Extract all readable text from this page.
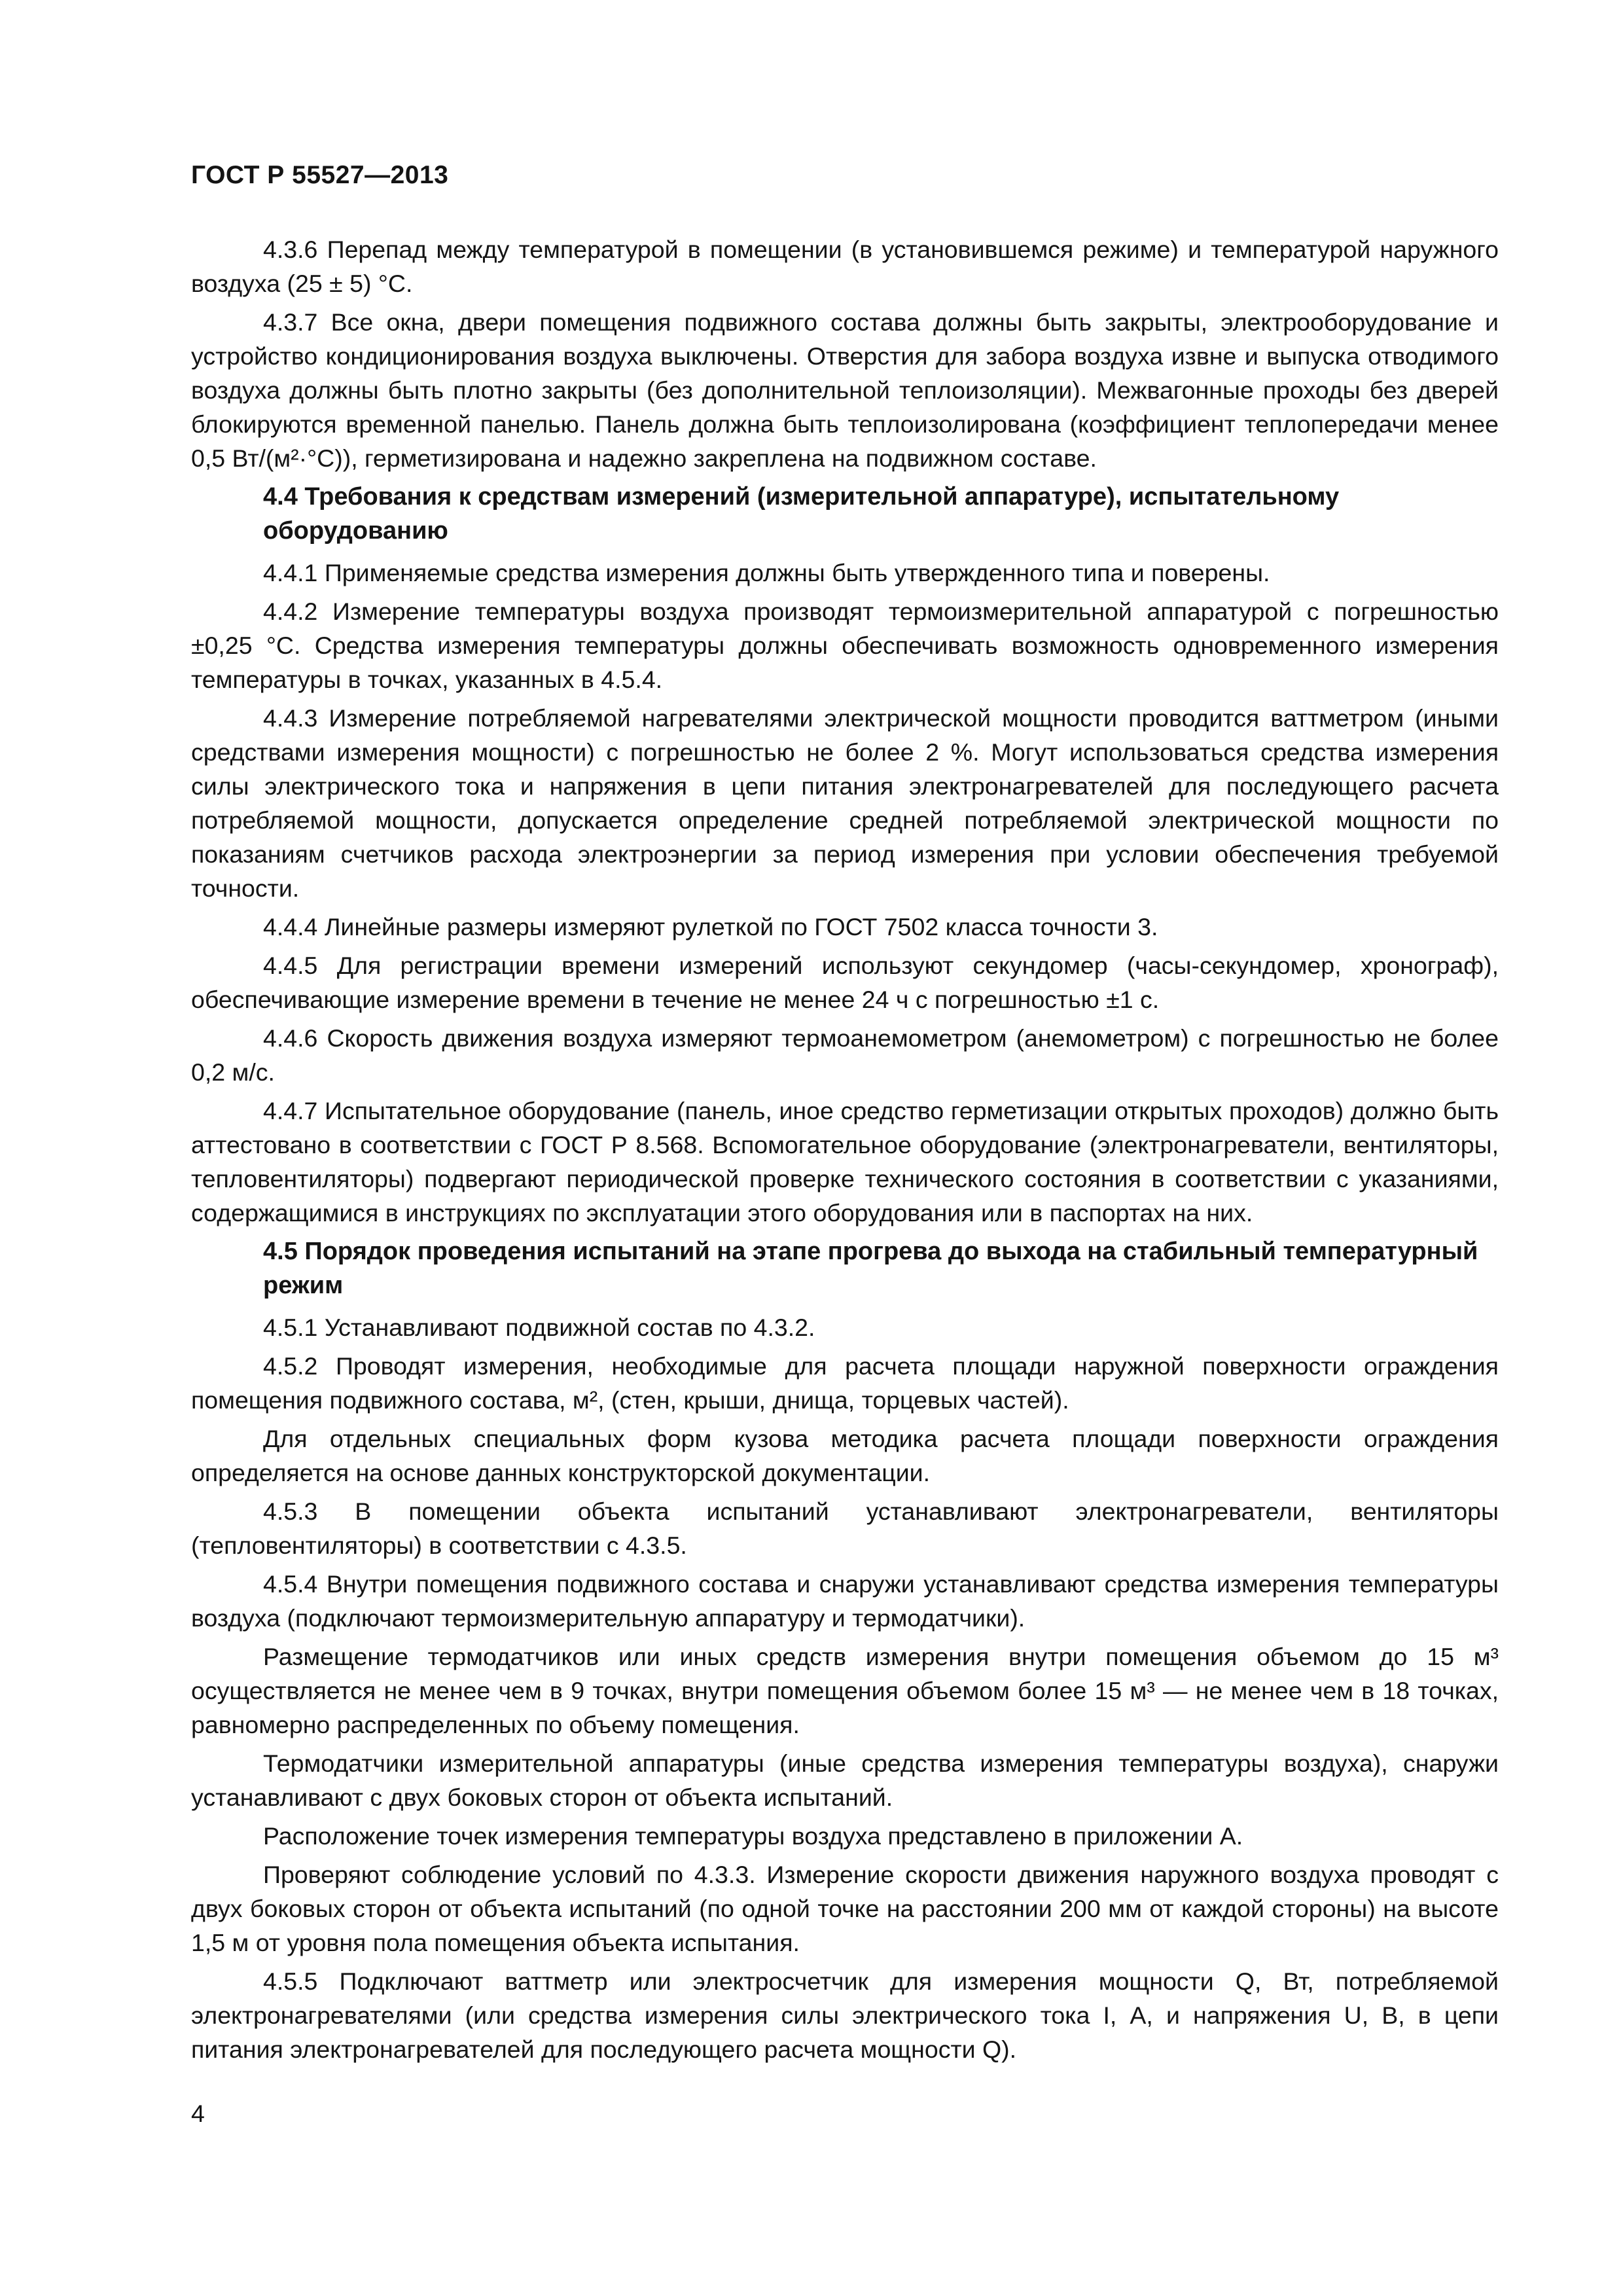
ГОСТ Р 55527—2013

4.3.6 Перепад между температурой в помещении (в установившемся режиме) и температурой наружного воздуха (25 ± 5) °С.

4.3.7 Все окна, двери помещения подвижного состава должны быть закрыты, электрооборудование и устройство кондиционирования воздуха выключены. Отверстия для забора воздуха извне и выпуска отводимого воздуха должны быть плотно закрыты (без дополнительной теплоизоляции). Межвагонные проходы без дверей блокируются временной панелью. Панель должна быть теплоизолирована (коэффициент теплопередачи менее 0,5 Вт/(м²·°С)), герметизирована и надежно закреплена на подвижном составе.

4.4 Требования к средствам измерений (измерительной аппаратуре), испытательному оборудованию

4.4.1 Применяемые средства измерения должны быть утвержденного типа и поверены.

4.4.2 Измерение температуры воздуха производят термоизмерительной аппаратурой с погрешностью ±0,25 °С. Средства измерения температуры должны обеспечивать возможность одновременного измерения температуры в точках, указанных в 4.5.4.

4.4.3 Измерение потребляемой нагревателями электрической мощности проводится ваттметром (иными средствами измерения мощности) с погрешностью не более 2 %. Могут использоваться средства измерения силы электрического тока и напряжения в цепи питания электронагревателей для последующего расчета потребляемой мощности, допускается определение средней потребляемой электрической мощности по показаниям счетчиков расхода электроэнергии за период измерения при условии обеспечения требуемой точности.

4.4.4 Линейные размеры измеряют рулеткой по ГОСТ 7502 класса точности 3.

4.4.5 Для регистрации времени измерений используют секундомер (часы-секундомер, хронограф), обеспечивающие измерение времени в течение не менее 24 ч с погрешностью ±1 с.

4.4.6 Скорость движения воздуха измеряют термоанемометром (анемометром) с погрешностью не более 0,2 м/с.

4.4.7 Испытательное оборудование (панель, иное средство герметизации открытых проходов) должно быть аттестовано в соответствии с ГОСТ Р 8.568. Вспомогательное оборудование (электронагреватели, вентиляторы, тепловентиляторы) подвергают периодической проверке технического состояния в соответствии с указаниями, содержащимися в инструкциях по эксплуатации этого оборудования или в паспортах на них.

4.5 Порядок проведения испытаний на этапе прогрева до выхода на стабильный температурный режим

4.5.1 Устанавливают подвижной состав по 4.3.2.

4.5.2 Проводят измерения, необходимые для расчета площади наружной поверхности ограждения помещения подвижного состава, м², (стен, крыши, днища, торцевых частей).

Для отдельных специальных форм кузова методика расчета площади поверхности ограждения определяется на основе данных конструкторской документации.

4.5.3 В помещении объекта испытаний устанавливают электронагреватели, вентиляторы (тепловентиляторы) в соответствии с 4.3.5.

4.5.4 Внутри помещения подвижного состава и снаружи устанавливают средства измерения температуры воздуха (подключают термоизмерительную аппаратуру и термодатчики).

Размещение термодатчиков или иных средств измерения внутри помещения объемом до 15 м³ осуществляется не менее чем в 9 точках, внутри помещения объемом более 15 м³ — не менее чем в 18 точках, равномерно распределенных по объему помещения.

Термодатчики измерительной аппаратуры (иные средства измерения температуры воздуха), снаружи устанавливают с двух боковых сторон от объекта испытаний.

Расположение точек измерения температуры воздуха представлено в приложении А.

Проверяют соблюдение условий по 4.3.3. Измерение скорости движения наружного воздуха проводят с двух боковых сторон от объекта испытаний (по одной точке на расстоянии 200 мм от каждой стороны) на высоте 1,5 м от уровня пола помещения объекта испытания.

4.5.5 Подключают ваттметр или электросчетчик для измерения мощности Q, Вт, потребляемой электронагревателями (или средства измерения силы электрического тока I, А, и напряжения U, В, в цепи питания электронагревателей для последующего расчета мощности Q).

4
